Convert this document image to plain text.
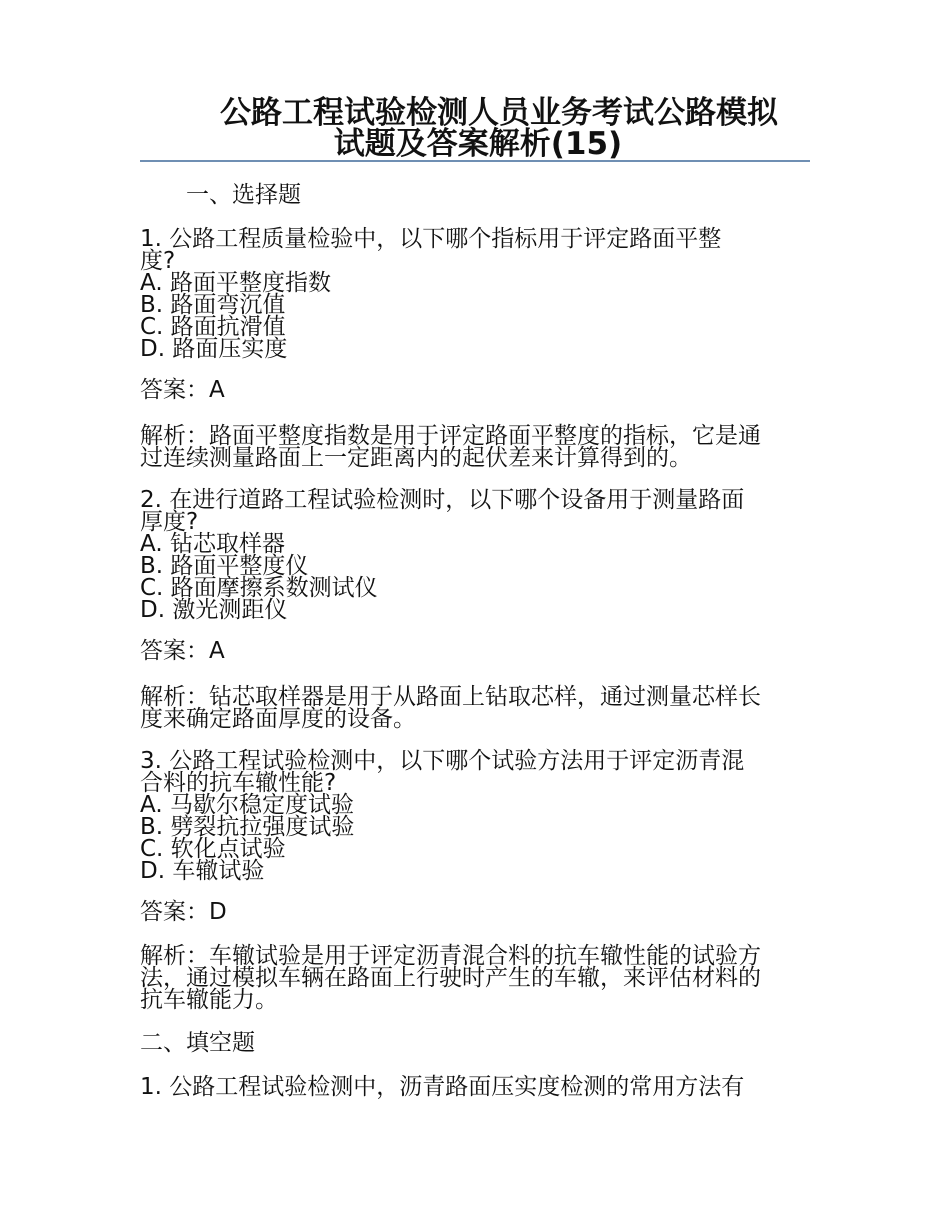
公路工程试验检测人员业务考试公路模拟
试题及答案解析(15)
一、选择题

1. 公路工程质量检验中，以下哪个指标用于评定路面平整

度?

A. 路面平整度指数

B. 路面弯沉值

C. 路面抗滑值

D. 路面压实度

答案：A

解析：路面平整度指数是用于评定路面平整度的指标，它是通

过连续测量路面上一定距离内的起伏差来计算得到的。

2. 在进行道路工程试验检测时，以下哪个设备用于测量路面

厚度?

A. 钻芯取样器

B. 路面平整度仪

C. 路面摩擦系数测试仪

D. 激光测距仪

答案：A

解析：钻芯取样器是用于从路面上钻取芯样，通过测量芯样长

度来确定路面厚度的设备。

3. 公路工程试验检测中，以下哪个试验方法用于评定沥青混

合料的抗车辙性能?

A. 马歇尔稳定度试验

B. 劈裂抗拉强度试验

C. 软化点试验

D. 车辙试验

答案：D

解析：车辙试验是用于评定沥青混合料的抗车辙性能的试验方

法，通过模拟车辆在路面上行驶时产生的车辙，来评估材料的

抗车辙能力。

二、填空题
1. 公路工程试验检测中，沥青路面压实度检测的常用方法有
